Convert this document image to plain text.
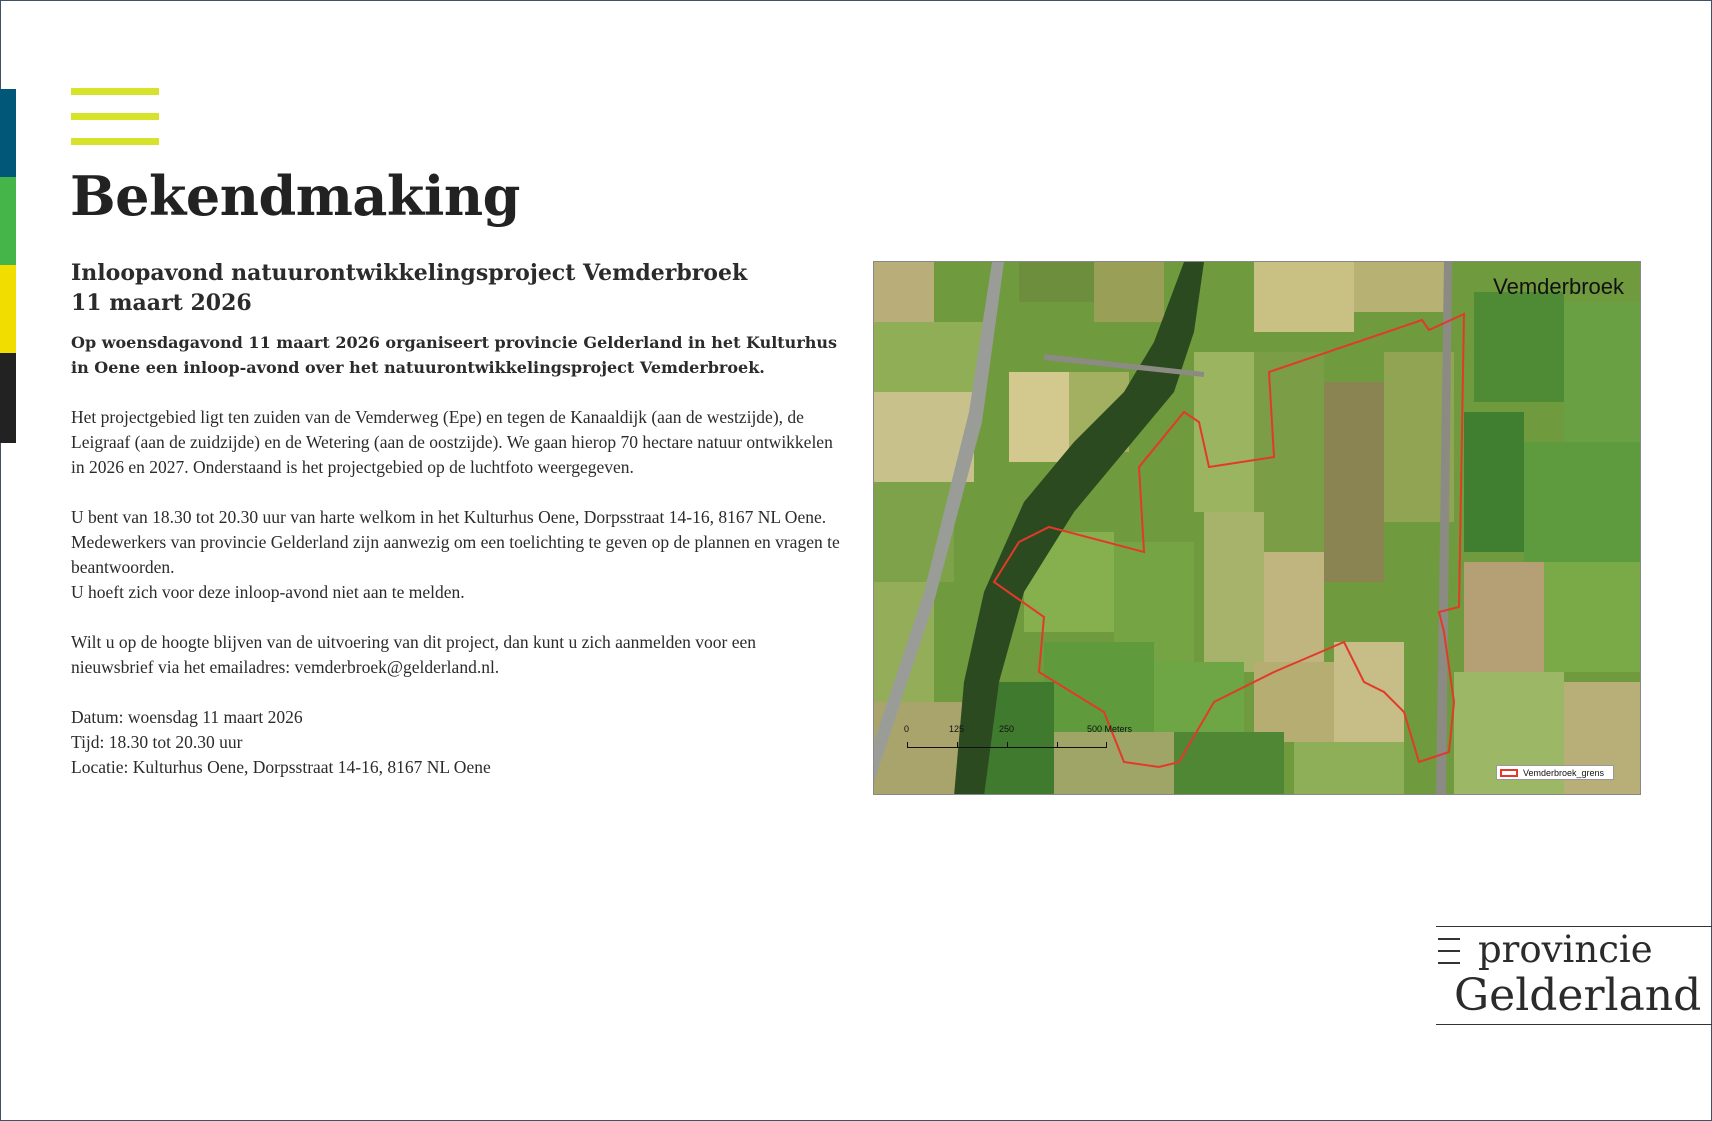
Bekendmaking
Inloopavond natuurontwikkelingsproject Vemderbroek
11 maart 2026

Op woensdagavond 11 maart 2026 organiseert provincie Gelderland in het Kulturhus in Oene een inloop-avond over het natuurontwikkelingsproject Vemderbroek.

Het projectgebied ligt ten zuiden van de Vemderweg (Epe) en tegen de Kanaaldijk (aan de westzijde), de Leigraaf (aan de zuidzijde) en de Wetering (aan de oostzijde). We gaan hierop 70 hectare natuur ontwikkelen in 2026 en 2027. Onderstaand is het projectgebied op de luchtfoto weergegeven.

U bent van 18.30 tot 20.30 uur van harte welkom in het Kulturhus Oene, Dorpsstraat 14-16, 8167 NL Oene. Medewerkers van provincie Gelderland zijn aanwezig om een toelichting te geven op de plannen en vragen te beantwoorden.
U hoeft zich voor deze inloop-avond niet aan te melden.

Wilt u op de hoogte blijven van de uitvoering van dit project, dan kunt u zich aanmelden voor een nieuwsbrief via het emailadres: vemderbroek@gelderland.nl.

Datum: woensdag 11 maart 2026
Tijd: 18.30 tot 20.30 uur
Locatie: Kulturhus Oene, Dorpsstraat 14-16, 8167 NL Oene

Vemderbroek
0	125	250	500 Meters
Vemderbroek_grens
provincie
Gelderland
